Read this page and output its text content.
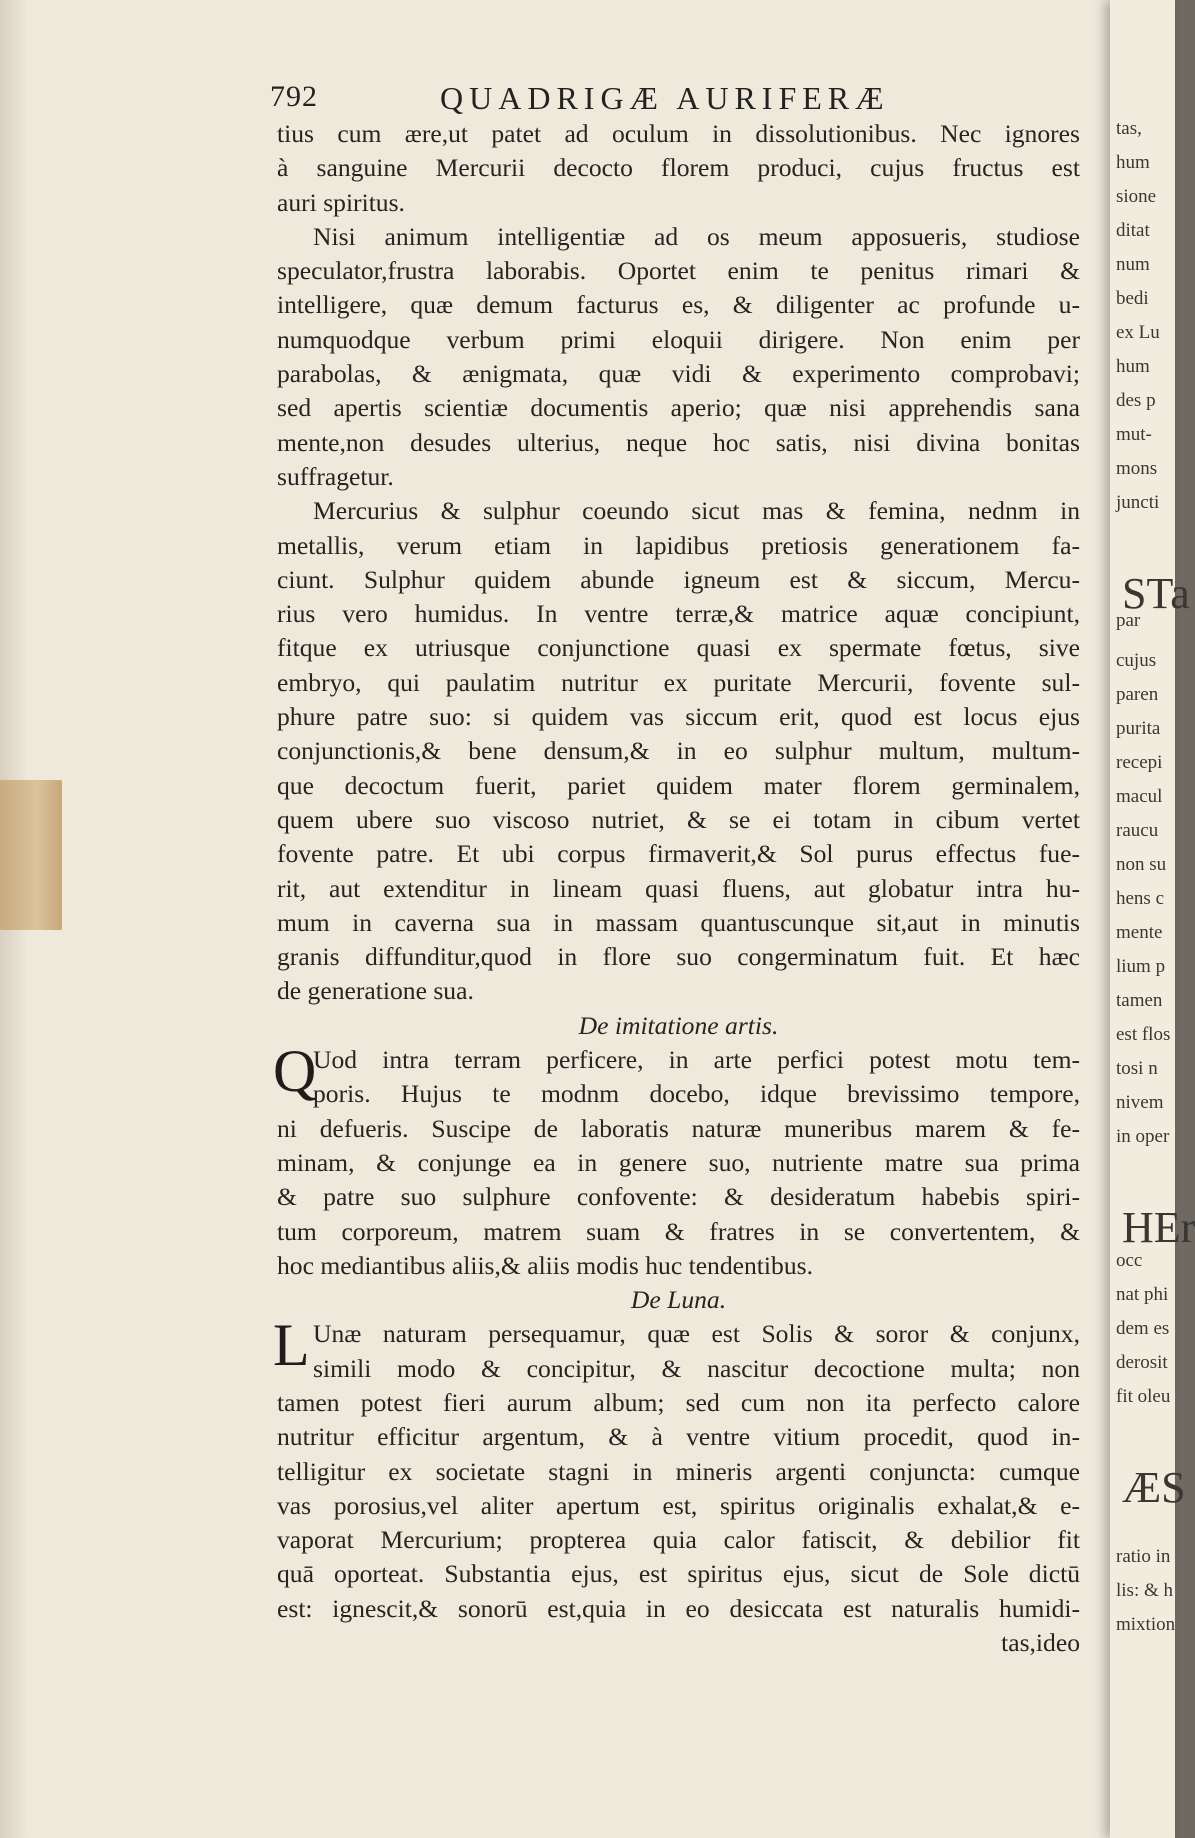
792	QUADRIGÆ AURIFERÆ
tius cum ære,ut patet ad oculum in dissolutionibus. Nec ignores
à sanguine Mercurii decocto florem produci, cujus fructus est
auri spiritus.
Nisi animum intelligentiæ ad os meum apposueris, studiose
speculator,frustra laborabis. Oportet enim te penitus rimari &
intelligere, quæ demum facturus es, & diligenter ac profunde u-
numquodque verbum primi eloquii dirigere. Non enim per
parabolas, & ænigmata, quæ vidi & experimento comprobavi;
sed apertis scientiæ documentis aperio; quæ nisi apprehendis sana
mente,non desudes ulterius, neque hoc satis, nisi divina bonitas
suffragetur.
Mercurius & sulphur coeundo sicut mas & femina, nednm in
metallis, verum etiam in lapidibus pretiosis generationem fa-
ciunt. Sulphur quidem abunde igneum est & siccum, Mercu-
rius vero humidus. In ventre terræ,& matrice aquæ concipiunt,
fitque ex utriusque conjunctione quasi ex spermate fœtus, sive
embryo, qui paulatim nutritur ex puritate Mercurii, fovente sul-
phure patre suo: si quidem vas siccum erit, quod est locus ejus
conjunctionis,& bene densum,& in eo sulphur multum, multum-
que decoctum fuerit, pariet quidem mater florem germinalem,
quem ubere suo viscoso nutriet, & se ei totam in cibum vertet
fovente patre. Et ubi corpus firmaverit,& Sol purus effectus fue-
rit, aut extenditur in lineam quasi fluens, aut globatur intra hu-
mum in caverna sua in massam quantuscunque sit,aut in minutis
granis diffunditur,quod in flore suo congerminatum fuit. Et hæc
de generatione sua.
De imitatione artis.
Q
Uod intra terram perficere, in arte perfici potest motu tem-
poris. Hujus te modnm docebo, idque brevissimo tempore,
ni defueris. Suscipe de laboratis naturæ muneribus marem & fe-
minam, & conjunge ea in genere suo, nutriente matre sua prima
& patre suo sulphure confovente: & desideratum habebis spiri-
tum corporeum, matrem suam & fratres in se convertentem, &
hoc mediantibus aliis,& aliis modis huc tendentibus.
De Luna.
L Unæ naturam persequamur, quæ est Solis & soror & conjunx,
simili modo & concipitur, & nascitur decoctione multa; non
tamen potest fieri aurum album; sed cum non ita perfecto calore
nutritur efficitur argentum, & à ventre vitium procedit, quod in-
telligitur ex societate stagni in mineris argenti conjuncta: cumque
vas porosius,vel aliter apertum est, spiritus originalis exhalat,& e-
vaporat Mercurium; propterea quia calor fatiscit, & debilior fit
quā oporteat. Substantia ejus, est spiritus ejus, sicut de Sole dictū
est: ignescit,& sonorū est,quia in eo desiccata est naturalis humidi-
tas,ideo
tas,
hum
sione
ditat
num
bedi
ex Lu
hum
des p
mut-
mons
juncti
STa
par
cujus
paren
purita
recepi
macul
raucu
non su
hens c
mente
lium p
tamen
est flos
tosi n
nivem
in oper
HEr
occ
nat phi
dem es
derosit
fit oleu
ÆS
ratio in
lis: & h
mixtion
